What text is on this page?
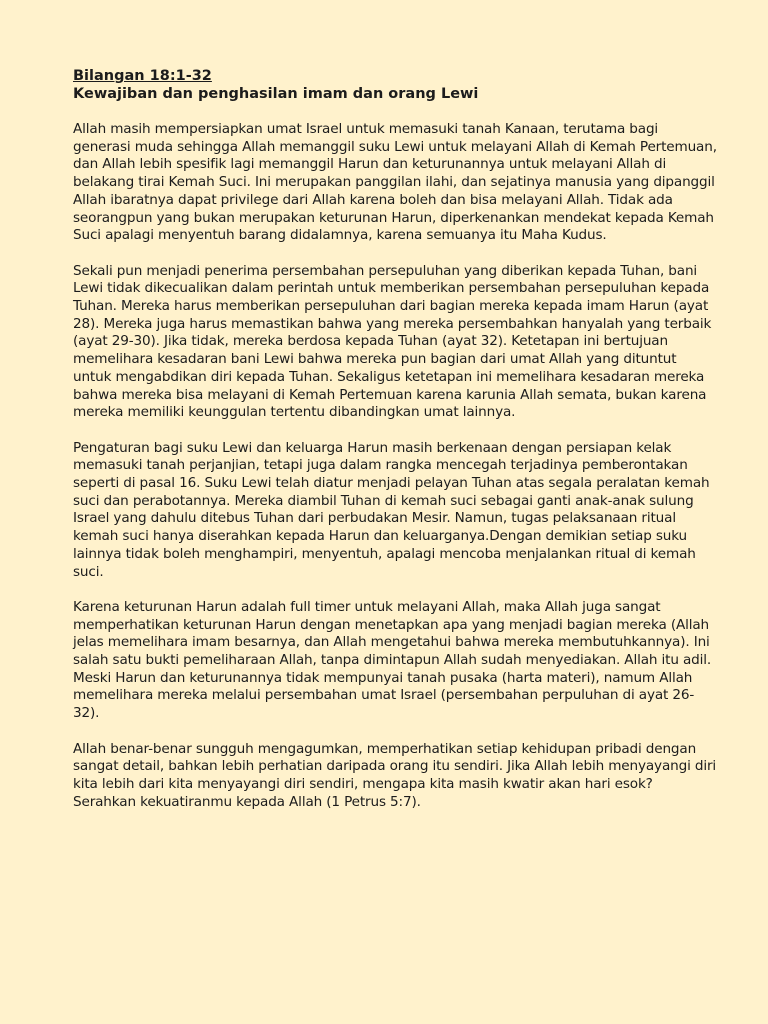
Bilangan 18:1-32

Kewajiban dan penghasilan imam dan orang Lewi

Allah masih mempersiapkan umat Israel untuk memasuki tanah Kanaan, terutama bagi generasi muda sehingga Allah memanggil suku Lewi untuk melayani Allah di Kemah Pertemuan, dan Allah lebih spesifik lagi memanggil Harun dan keturunannya untuk melayani Allah di belakang tirai Kemah Suci. Ini merupakan panggilan ilahi, dan sejatinya manusia yang dipanggil Allah ibaratnya dapat privilege dari Allah karena boleh dan bisa melayani Allah. Tidak ada seorangpun yang bukan merupakan keturunan Harun, diperkenankan mendekat kepada Kemah Suci apalagi menyentuh barang didalamnya, karena semuanya itu Maha Kudus.

Sekali pun menjadi penerima persembahan persepuluhan yang diberikan kepada Tuhan, bani Lewi tidak dikecualikan dalam perintah untuk memberikan persembahan persepuluhan kepada Tuhan. Mereka harus memberikan persepuluhan dari bagian mereka kepada imam Harun (ayat 28). Mereka juga harus memastikan bahwa yang mereka persembahkan hanyalah yang terbaik (ayat 29-30). Jika tidak, mereka berdosa kepada Tuhan (ayat 32). Ketetapan ini bertujuan memelihara kesadaran bani Lewi bahwa mereka pun bagian dari umat Allah yang dituntut untuk mengabdikan diri kepada Tuhan. Sekaligus ketetapan ini memelihara kesadaran mereka bahwa mereka bisa melayani di Kemah Pertemuan karena karunia Allah semata, bukan karena mereka memiliki keunggulan tertentu dibandingkan umat lainnya.

Pengaturan bagi suku Lewi dan keluarga Harun masih berkenaan dengan persiapan kelak memasuki tanah perjanjian, tetapi juga dalam rangka mencegah terjadinya pemberontakan seperti di pasal 16. Suku Lewi telah diatur menjadi pelayan Tuhan atas segala peralatan kemah suci dan perabotannya. Mereka diambil Tuhan di kemah suci sebagai ganti anak-anak sulung Israel yang dahulu ditebus Tuhan dari perbudakan Mesir. Namun, tugas pelaksanaan ritual kemah suci hanya diserahkan kepada Harun dan keluarganya.Dengan demikian setiap suku lainnya tidak boleh menghampiri, menyentuh, apalagi mencoba menjalankan ritual di kemah suci.

Karena keturunan Harun adalah full timer untuk melayani Allah, maka Allah juga sangat memperhatikan keturunan Harun dengan menetapkan apa yang menjadi bagian mereka (Allah jelas memelihara imam besarnya, dan Allah mengetahui bahwa mereka membutuhkannya). Ini salah satu bukti pemeliharaan Allah, tanpa dimintapun Allah sudah menyediakan. Allah itu adil. Meski Harun dan keturunannya tidak mempunyai tanah pusaka (harta materi), namum Allah memelihara mereka melalui persembahan umat Israel (persembahan perpuluhan di ayat 26-32).

Allah benar-benar sungguh mengagumkan, memperhatikan setiap kehidupan pribadi dengan sangat detail, bahkan lebih perhatian daripada orang itu sendiri. Jika Allah lebih menyayangi diri kita lebih dari kita menyayangi diri sendiri, mengapa kita masih kwatir akan hari esok? Serahkan kekuatiranmu kepada Allah (1 Petrus 5:7).
